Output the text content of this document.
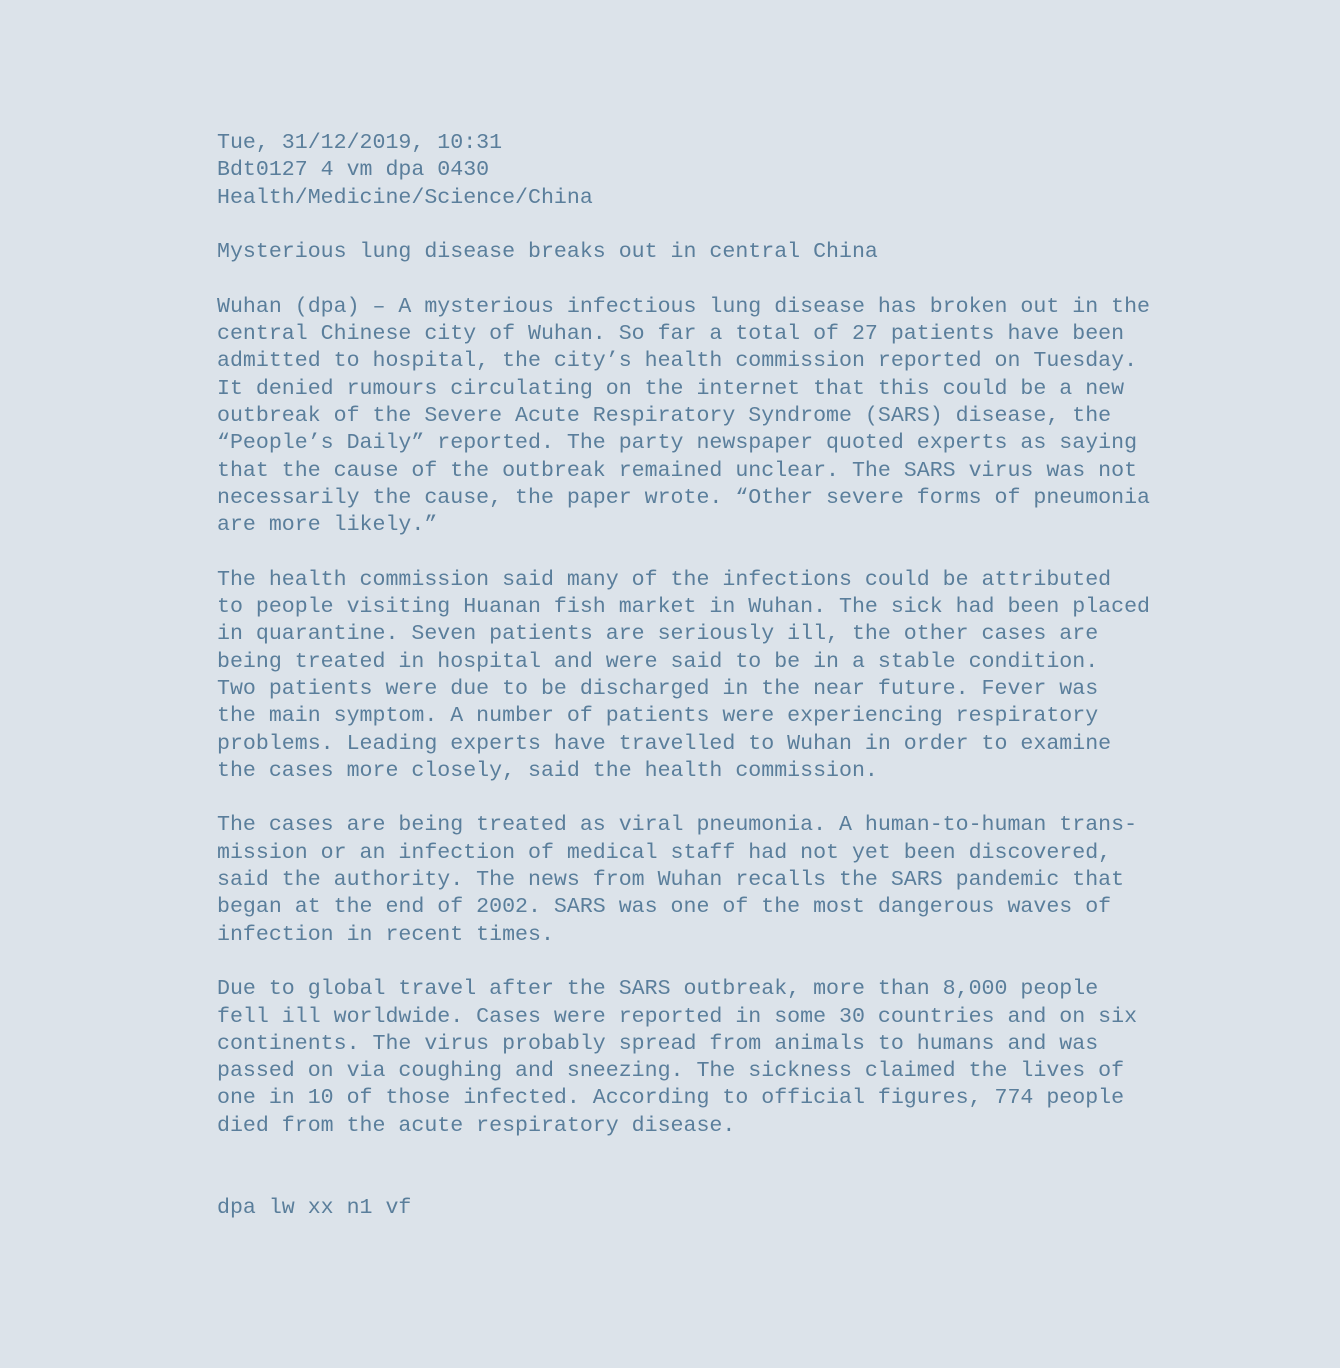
Tue, 31/12/2019, 10:31
Bdt0127 4 vm dpa 0430
Health/Medicine/Science/China
Mysterious lung disease breaks out in central China
Wuhan (dpa) – A mysterious infectious lung disease has broken out in the
central Chinese city of Wuhan. So far a total of 27 patients have been
admitted to hospital, the city’s health commission reported on Tuesday.
It denied rumours circulating on the internet that this could be a new
outbreak of the Severe Acute Respiratory Syndrome (SARS) disease, the
“People’s Daily” reported. The party newspaper quoted experts as saying
that the cause of the outbreak remained unclear. The SARS virus was not
necessarily the cause, the paper wrote. “Other severe forms of pneumonia
are more likely.”
The health commission said many of the infections could be attributed
to people visiting Huanan fish market in Wuhan. The sick had been placed
in quarantine. Seven patients are seriously ill, the other cases are
being treated in hospital and were said to be in a stable condition.
Two patients were due to be discharged in the near future. Fever was
the main symptom. A number of patients were experiencing respiratory
problems. Leading experts have travelled to Wuhan in order to examine
the cases more closely, said the health commission.
The cases are being treated as viral pneumonia. A human-to-human trans-
mission or an infection of medical staff had not yet been discovered,
said the authority. The news from Wuhan recalls the SARS pandemic that
began at the end of 2002. SARS was one of the most dangerous waves of
infection in recent times.
Due to global travel after the SARS outbreak, more than 8,000 people
fell ill worldwide. Cases were reported in some 30 countries and on six
continents. The virus probably spread from animals to humans and was
passed on via coughing and sneezing. The sickness claimed the lives of
one in 10 of those infected. According to official figures, 774 people
died from the acute respiratory disease.
dpa lw xx n1 vf
